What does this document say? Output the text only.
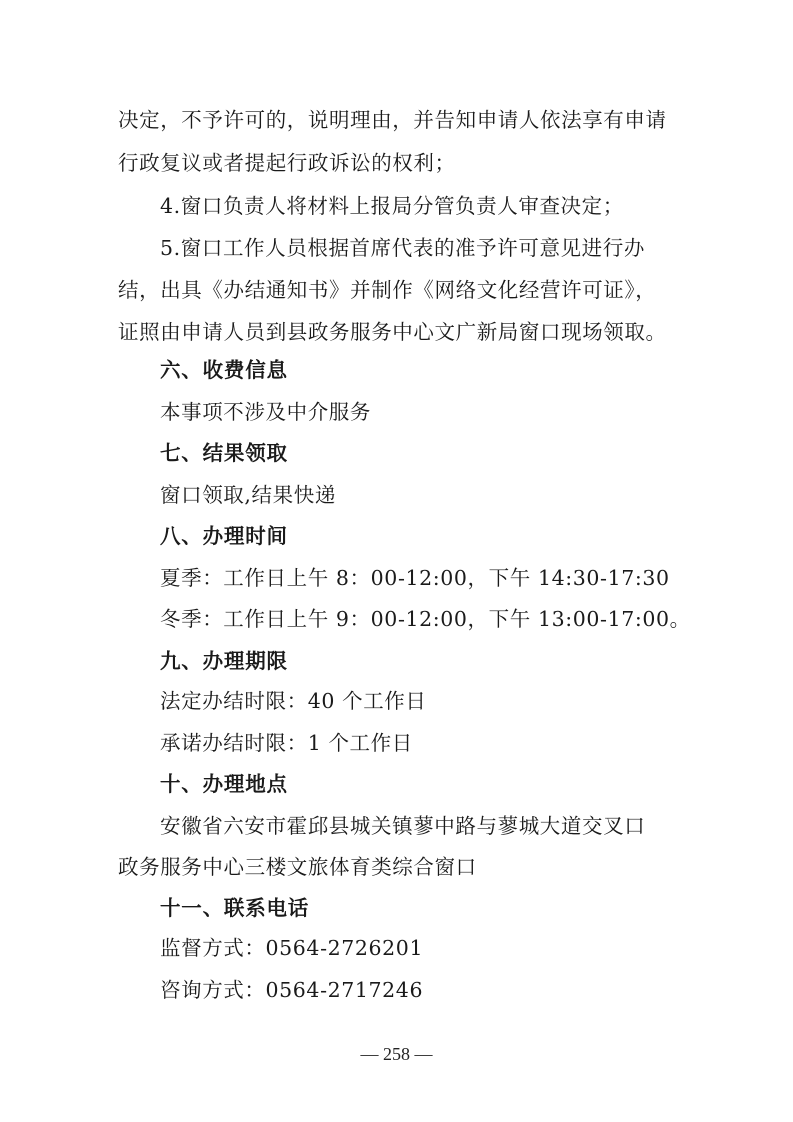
决定，不予许可的，说明理由，并告知申请人依法享有申请
行政复议或者提起行政诉讼的权利；
4.窗口负责人将材料上报局分管负责人审查决定；
5.窗口工作人员根据首席代表的准予许可意见进行办
结，出具《办结通知书》并制作《网络文化经营许可证》，
证照由申请人员到县政务服务中心文广新局窗口现场领取。
六、收费信息
本事项不涉及中介服务
七、结果领取
窗口领取,结果快递
八、办理时间
夏季：工作日上午 8：00-12:00，下午 14:30-17:30
冬季：工作日上午 9：00-12:00，下午 13:00-17:00。
九、办理期限
法定办结时限：40 个工作日
承诺办结时限：1 个工作日
十、办理地点
安徽省六安市霍邱县城关镇蓼中路与蓼城大道交叉口
政务服务中心三楼文旅体育类综合窗口
十一、联系电话
监督方式：0564-2726201
咨询方式：0564-2717246
— 258 —
